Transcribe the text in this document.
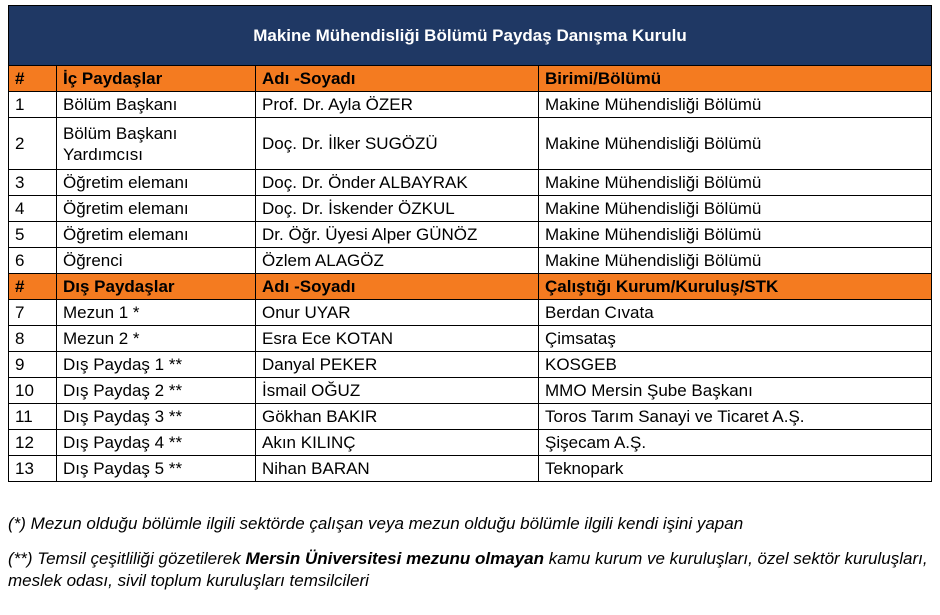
Makine Mühendisliği Bölümü Paydaş Danışma Kurulu			
#	İç Paydaşlar	Adı -Soyadı	Birimi/Bölümü
1	Bölüm Başkanı	Prof. Dr. Ayla ÖZER	Makine Mühendisliği Bölümü
2	Bölüm Başkanı Yardımcısı	Doç. Dr. İlker SUGÖZÜ	Makine Mühendisliği Bölümü
3	Öğretim elemanı	Doç. Dr. Önder ALBAYRAK	Makine Mühendisliği Bölümü
4	Öğretim elemanı	Doç. Dr. İskender ÖZKUL	Makine Mühendisliği Bölümü
5	Öğretim elemanı	Dr. Öğr. Üyesi Alper GÜNÖZ	Makine Mühendisliği Bölümü
6	Öğrenci	Özlem ALAGÖZ	Makine Mühendisliği Bölümü
#	Dış Paydaşlar	Adı -Soyadı	Çalıştığı Kurum/Kuruluş/STK
7	Mezun 1 *	Onur UYAR	Berdan Cıvata
8	Mezun 2 *	Esra Ece KOTAN	Çimsataş
9	Dış Paydaş 1 **	Danyal PEKER	KOSGEB
10	Dış Paydaş 2 **	İsmail OĞUZ	MMO Mersin Şube Başkanı
11	Dış Paydaş 3 **	Gökhan BAKIR	Toros Tarım Sanayi ve Ticaret A.Ş.
12	Dış Paydaş 4 **	Akın KILINÇ	Şişecam A.Ş.
13	Dış Paydaş 5 **	Nihan BARAN	Teknopark

(*) Mezun olduğu bölümle ilgili sektörde çalışan veya mezun olduğu bölümle ilgili kendi işini yapan

(**) Temsil çeşitliliği gözetilerek Mersin Üniversitesi mezunu olmayan kamu kurum ve kuruluşları, özel sektör kuruluşları, meslek odası, sivil toplum kuruluşları temsilcileri
